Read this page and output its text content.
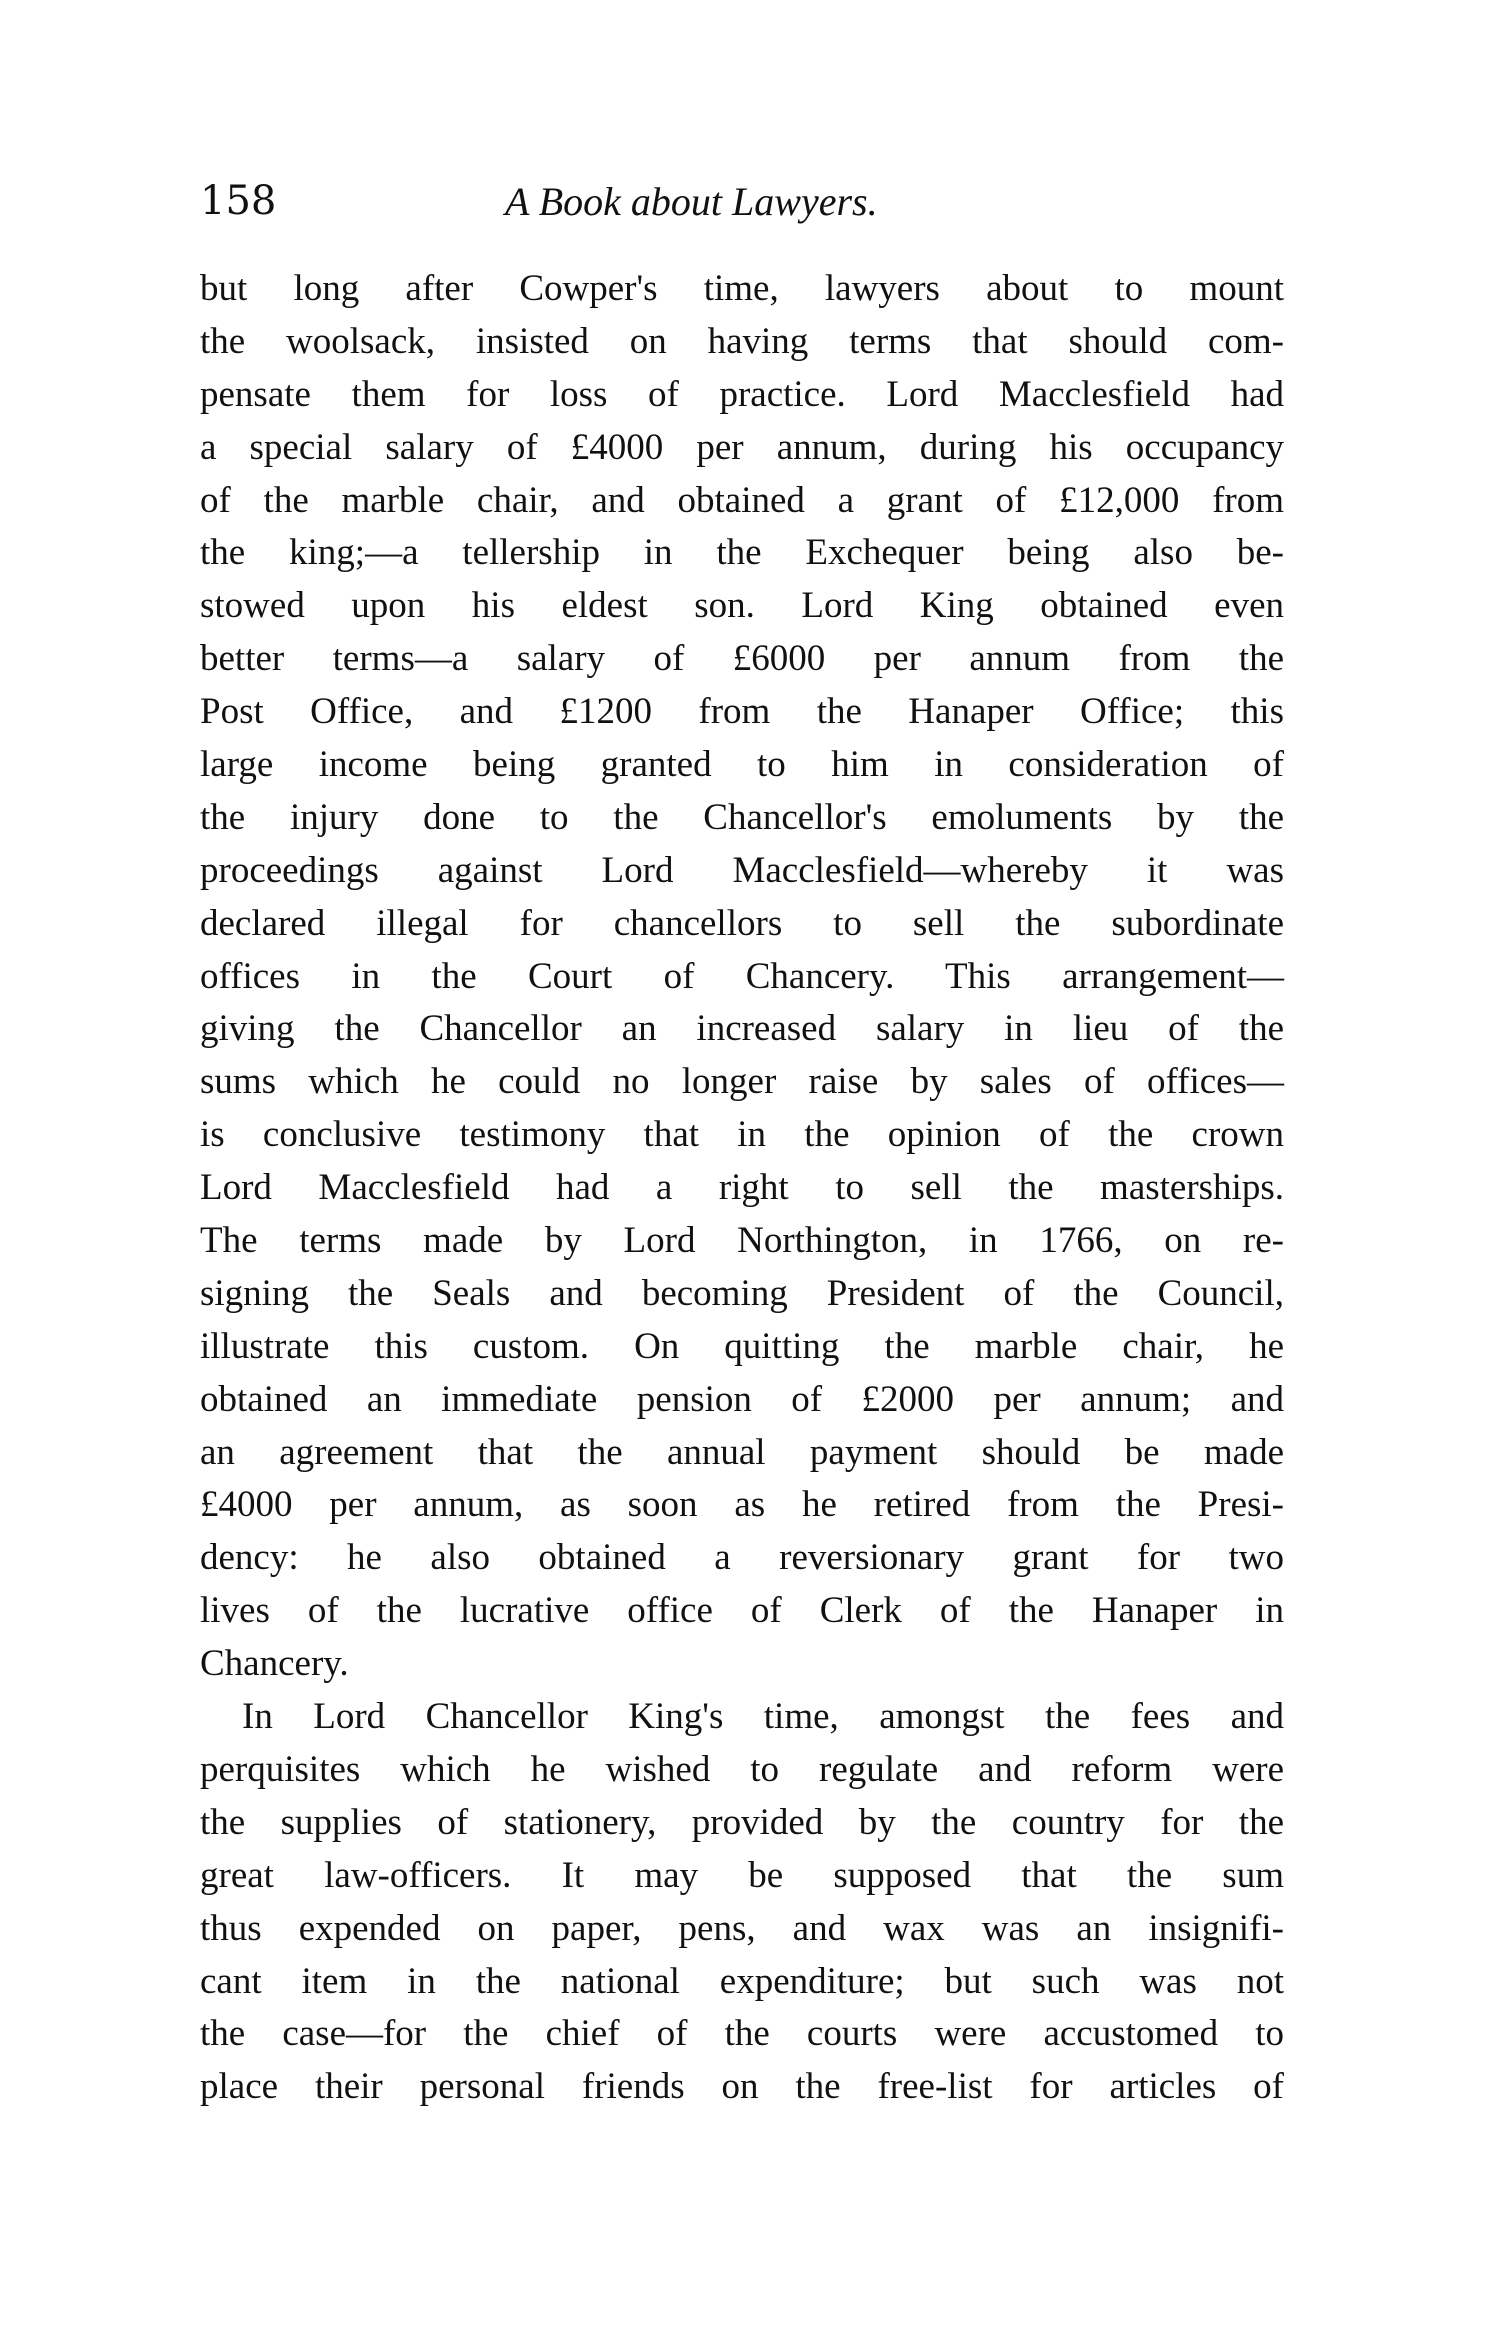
158	A Book about Lawyers.
but long after Cowper's time, lawyers about to mount
the woolsack, insisted on having terms that should com-
pensate them for loss of practice. Lord Macclesfield had
a special salary of £4000 per annum, during his occupancy
of the marble chair, and obtained a grant of £12,000 from
the king;—a tellership in the Exchequer being also be-
stowed upon his eldest son. Lord King obtained even
better terms—a salary of £6000 per annum from the
Post Office, and £1200 from the Hanaper Office; this
large income being granted to him in consideration of
the injury done to the Chancellor's emoluments by the
proceedings against Lord Macclesfield—whereby it was
declared illegal for chancellors to sell the subordinate
offices in the Court of Chancery. This arrangement—
giving the Chancellor an increased salary in lieu of the
sums which he could no longer raise by sales of offices—
is conclusive testimony that in the opinion of the crown
Lord Macclesfield had a right to sell the masterships.
The terms made by Lord Northington, in 1766, on re-
signing the Seals and becoming President of the Council,
illustrate this custom. On quitting the marble chair, he
obtained an immediate pension of £2000 per annum; and
an agreement that the annual payment should be made
£4000 per annum, as soon as he retired from the Presi-
dency: he also obtained a reversionary grant for two
lives of the lucrative office of Clerk of the Hanaper in
Chancery.
In Lord Chancellor King's time, amongst the fees and
perquisites which he wished to regulate and reform were
the supplies of stationery, provided by the country for the
great law-officers. It may be supposed that the sum
thus expended on paper, pens, and wax was an insignifi-
cant item in the national expenditure; but such was not
the case—for the chief of the courts were accustomed to
place their personal friends on the free-list for articles of
